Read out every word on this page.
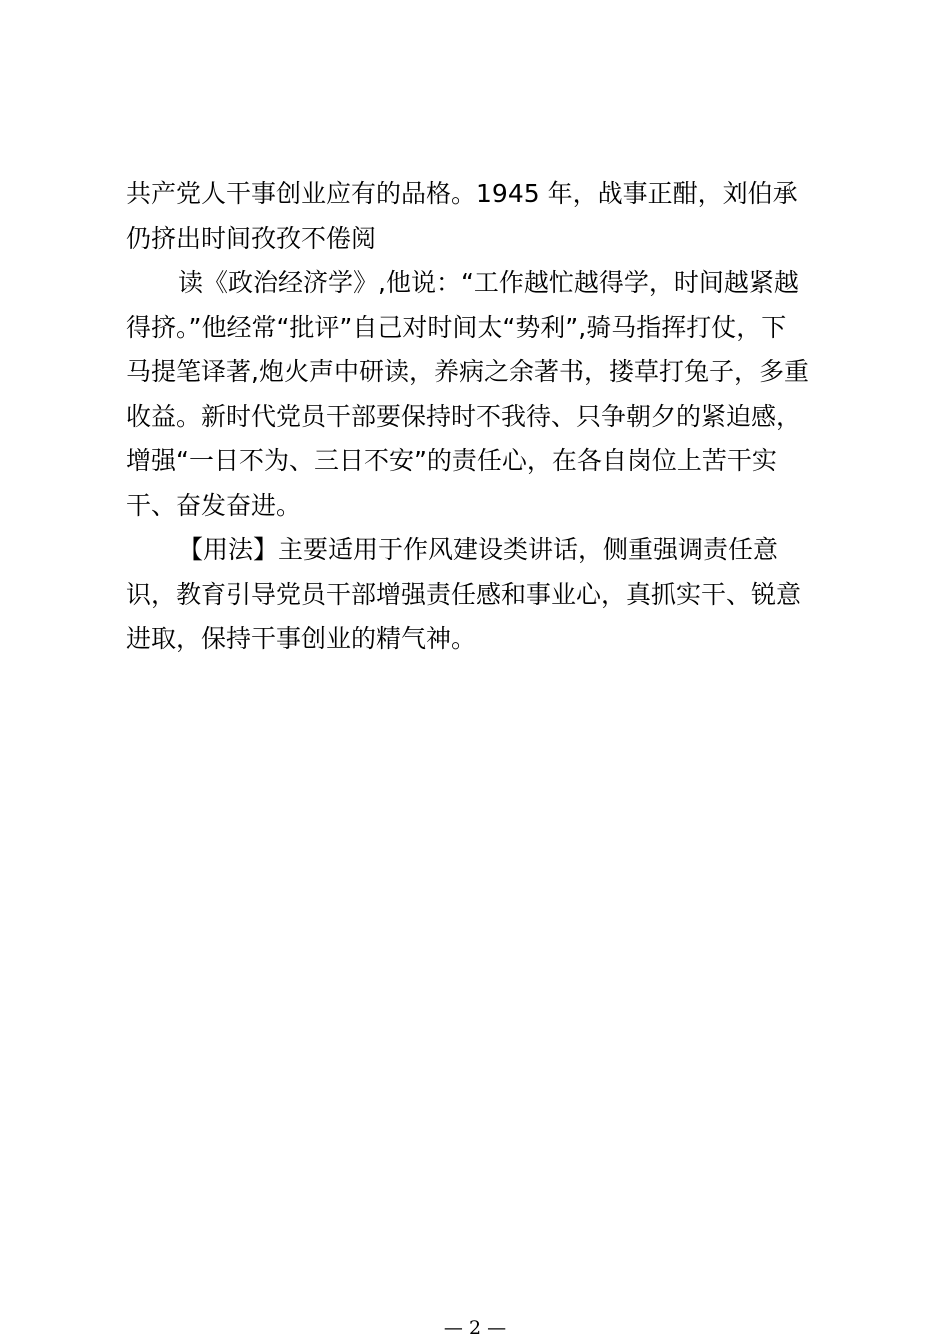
共产党人干事创业应有的品格。1945 年，战事正酣，刘伯承
仍挤出时间孜孜不倦阅
读《政治经济学》,他说：“工作越忙越得学，时间越紧越
得挤。”他经常“批评”自己对时间太“势利”,骑马指挥打仗，下
马提笔译著,炮火声中研读，养病之余著书，搂草打兔子，多重
收益。新时代党员干部要保持时不我待、只争朝夕的紧迫感，
增强“一日不为、三日不安”的责任心，在各自岗位上苦干实
干、奋发奋进。
【用法】主要适用于作风建设类讲话，侧重强调责任意
识，教育引导党员干部增强责任感和事业心，真抓实干、锐意
进取，保持干事创业的精气神。
— 2 —
